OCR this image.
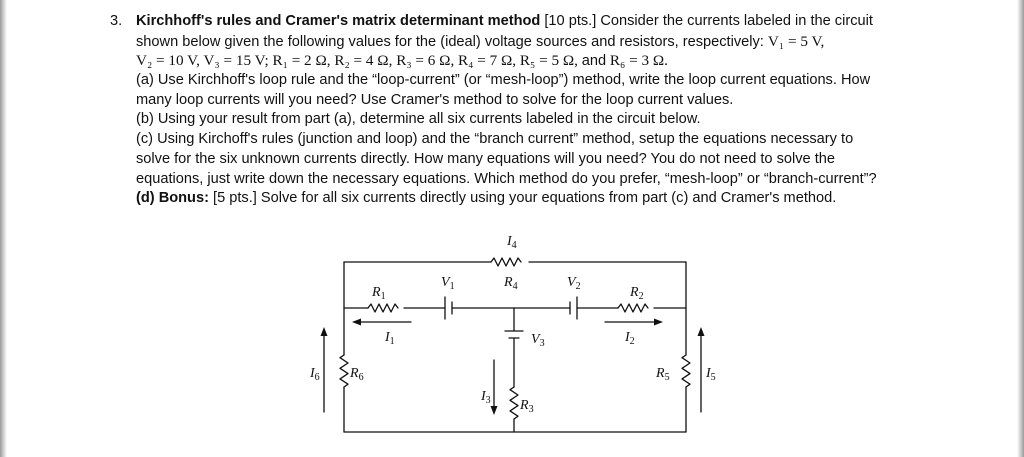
3. Kirchhoff's rules and Cramer's matrix determinant method [10 pts.] Consider the currents labeled in the circuit
shown below given the following values for the (ideal) voltage sources and resistors, respectively: V₁ = 5 V,
V₂ = 10 V, V₃ = 15 V; R₁ = 2 Ω, R₂ = 4 Ω, R₃ = 6 Ω, R₄ = 7 Ω, R₅ = 5 Ω, and R₆ = 3 Ω.
(a) Use Kirchhoff's loop rule and the “loop-current” (or “mesh-loop”) method, write the loop current equations. How
many loop currents will you need? Use Cramer's method to solve for the loop current values.
(b) Using your result from part (a), determine all six currents labeled in the circuit below.
(c) Using Kirchoff's rules (junction and loop) and the “branch current” method, setup the equations necessary to
solve for the six unknown currents directly. How many equations will you need? You do not need to solve the
equations, just write down the necessary equations. Which method do you prefer, “mesh-loop” or “branch-current”?
(d) Bonus: [5 pts.] Solve for all six currents directly using your equations from part (c) and Cramer's method.
I4
R4
R1
V1	V2	R2
I1	I2
V3
I6 R6	R5	I5
I3 R3
